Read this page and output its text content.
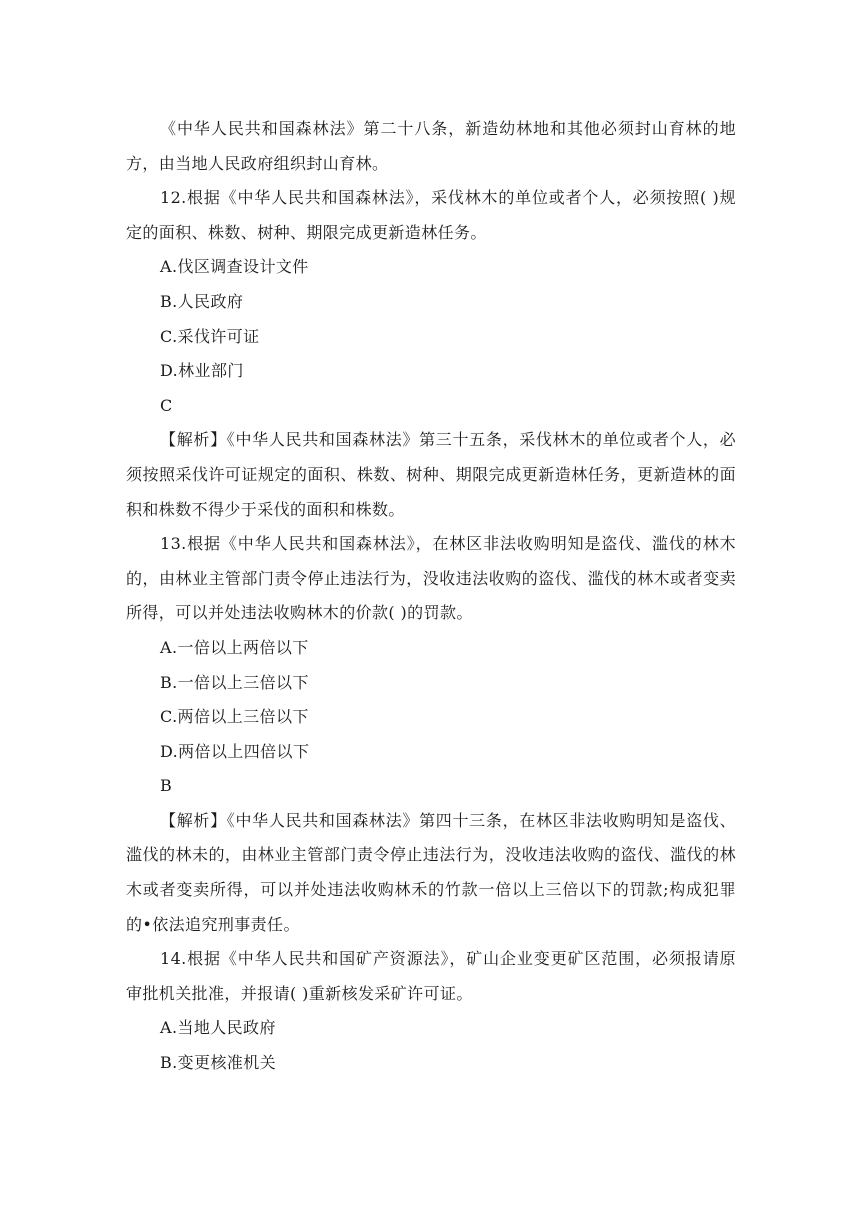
《中华人民共和国森林法》第二十八条，新造幼林地和其他必须封山育林的地方，由当地人民政府组织封山育林。

12.根据《中华人民共和国森林法》，采伐林木的单位或者个人，必须按照( )规定的面积、株数、树种、期限完成更新造林任务。

A.伐区调查设计文件

B.人民政府

C.采伐许可证

D.林业部门

C

【解析】《中华人民共和国森林法》第三十五条，采伐林木的单位或者个人，必须按照采伐许可证规定的面积、株数、树种、期限完成更新造林任务，更新造林的面积和株数不得少于采伐的面积和株数。

13.根据《中华人民共和国森林法》，在林区非法收购明知是盗伐、滥伐的林木的，由林业主管部门责令停止违法行为，没收违法收购的盗伐、滥伐的林木或者变卖所得，可以并处违法收购林木的价款( )的罚款。

A.一倍以上两倍以下

B.一倍以上三倍以下

C.两倍以上三倍以下

D.两倍以上四倍以下

B

【解析】《中华人民共和国森林法》第四十三条，在林区非法收购明知是盗伐、滥伐的林未的，由林业主管部门责令停止违法行为，没收违法收购的盗伐、滥伐的林木或者变卖所得，可以并处违法收购林禾的竹款一倍以上三倍以下的罚款;构成犯罪的•依法追究刑事责任。

14.根据《中华人民共和国矿产资源法》，矿山企业变更矿区范围，必须报请原审批机关批准，并报请( )重新核发采矿许可证。

A.当地人民政府

B.变更核准机关
